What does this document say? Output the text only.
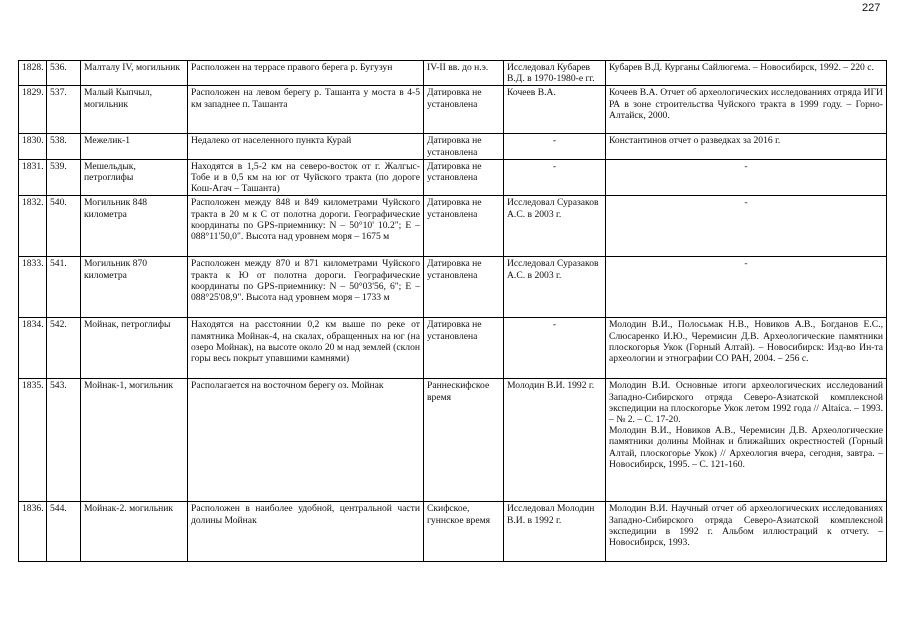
227
1828.	536.	Малталу IV, могильник	Расположен на террасе правого берега р. Бугузун	IV-II вв. до н.э.	Исследовал Кубарев В.Д. в 1970-1980-е гг.	Кубарев В.Д. Курганы Сайлюгема. – Новосибирск, 1992. – 220 с.

1829.	537.	Малый Кыпчыл, могильник	Расположен на левом берегу р. Ташанта у моста в 4-5 км западнее п. Ташанта	Датировка не установлена	Кочеев В.А.	Кочеев В.А. Отчет об археологических исследованиях отряда ИГИ РА в зоне строительства Чуйского тракта в 1999 году. – Горно-Алтайск, 2000.

1830.	538.	Межелик-1	Недалеко от населенного пункта Курай	Датировка не установлена	-	Константинов отчет о разведках за 2016 г.

1831.	539.	Мешельдык, петроглифы	Находятся в 1,5-2 км на северо-восток от г. Жалгыс-Тобе и в 0,5 км на юг от Чуйского тракта (по дороге Кош-Агач – Ташанта)	Датировка не установлена	-	-
1832.	540.	Могильник 848 километра	Расположен между 848 и 849 километрами Чуйского тракта в 20 м к С от полотна дороги. Географические координаты по GPS-приемнику: N – 50°10' 10.2"; E – 088°11'50,0". Высота над уровнем моря – 1675 м	Датировка не установлена	Исследовал Суразаков А.С. в 2003 г.	-
1833.	541.	Могильник 870 километра	Расположен между 870 и 871 километрами Чуйского тракта к Ю от полотна дороги. Географические координаты по GPS-приемнику: N – 50°03'56, 6"; E – 088°25'08,9". Высота над уровнем моря – 1733 м	Датировка не установлена	Исследовал Суразаков А.С. в 2003 г.	-
1834.	542.	Мойнак, петроглифы	Находятся на расстоянии 0,2 км выше по реке от памятника Мойнак-4, на скалах, обращенных на юг (на озеро Мойнак), на высоте около 20 м над землей (склон горы весь покрыт упавшими камнями)	Датировка не установлена	-	Молодин В.И., Полосьмак Н.В., Новиков А.В., Богданов Е.С., Слюсаренко И.Ю., Черемисин Д.В. Археологические памятники плоскогорья Укок (Горный Алтай). – Новосибирск: Изд-во Ин-та археологии и этнографии СО РАН, 2004. – 256 с.

1835.	543.	Мойнак-1, могильник	Располагается на восточном берегу оз. Мойнак	Раннескифское время	Молодин В.И. 1992 г.	Молодин В.И. Основные итоги археологических исследований Западно-Сибирского отряда Северо-Азиатской комплексной экспедиции на плоскогорье Укок летом 1992 года // Altaica. – 1993. – № 2. – С. 17-20.
Молодин В.И., Новиков А.В., Черемисин Д.В. Археологические памятники долины Мойнак и ближайших окрестностей (Горный Алтай, плоскогорье Укок) // Археология вчера, сегодня, завтра. – Новосибирск, 1995. – С. 121-160.

1836.	544.	Мойнак-2. могильник	Расположен в наиболее удобной, центральной части долины Мойнак	Скифское, гуннское время	Исследовал Молодин В.И. в 1992 г.	Молодин В.И. Научный отчет об археологических исследованиях Западно-Сибирского отряда Северо-Азиатской комплексной экспедиции в 1992 г. Альбом иллюстраций к отчету. – Новосибирск, 1993.
